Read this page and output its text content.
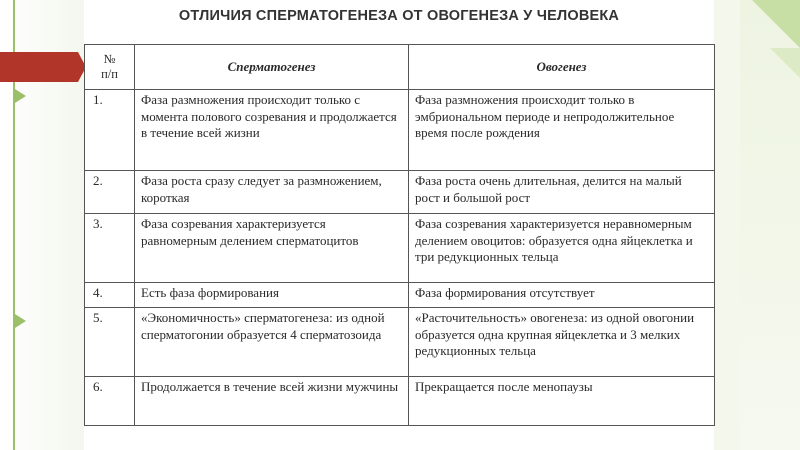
ОТЛИЧИЯ СПЕРМАТОГЕНЕЗА ОТ ОВОГЕНЕЗА У ЧЕЛОВЕКА
№
п/п	Сперматогенез	Овогенез
1.	Фаза размножения происходит только с момента полового созревания и продолжается в течение всей жизни	Фаза размножения происходит только в эмбриональном периоде и непродолжительное время после рождения
2.	Фаза роста сразу следует за размножением, короткая	Фаза роста очень длительная, делится на малый рост и большой рост
3.	Фаза созревания характеризуется равномерным делением сперматоцитов	Фаза созревания характеризуется неравномерным делением овоцитов: образуется одна яйцеклетка и три редукционных тельца
4.	Есть фаза формирования	Фаза формирования отсутствует
5.	«Экономичность» сперматогенеза: из одной сперматогонии образуется 4 сперматозоида	«Расточительность» овогенеза: из одной овогонии образуется одна крупная яйцеклетка и 3 мелких редукционных тельца
6.	Продолжается в течение всей жизни мужчины	Прекращается после менопаузы
